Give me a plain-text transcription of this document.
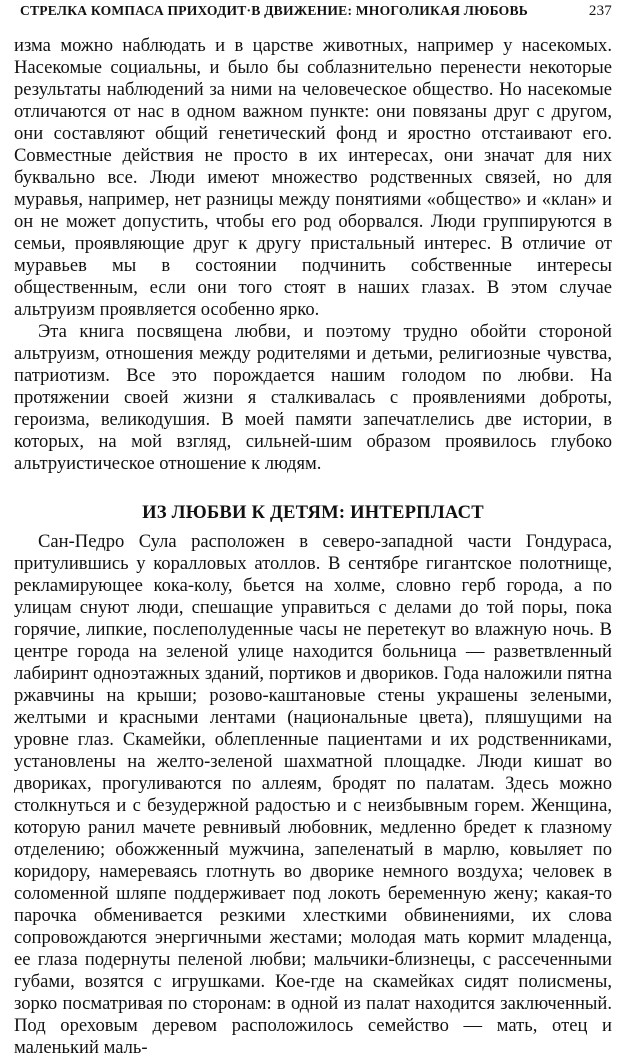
СТРЕЛКА КОМПАСА ПРИХОДИТ·В ДВИЖЕНИЕ: МНОГОЛИКАЯ ЛЮБОВЬ	237

изма можно наблюдать и в царстве животных, например у насекомых. Насекомые социальны, и было бы соблазнительно перенести некоторые результаты наблюдений за ними на человеческое общество. Но насекомые отличаются от нас в одном важном пункте: они повязаны друг с другом, они составляют общий генетический фонд и яростно отстаивают его. Совместные действия не просто в их интересах, они значат для них буквально все. Люди имеют множество родственных связей, но для муравья, например, нет разницы между понятиями «общество» и «клан» и он не может допустить, чтобы его род оборвался. Люди группируются в семьи, проявляющие друг к другу пристальный интерес. В отличие от муравьев мы в состоянии подчинить собственные интересы общественным, если они того стоят в наших глазах. В этом случае альтруизм проявляется особенно ярко.

Эта книга посвящена любви, и поэтому трудно обойти стороной альтруизм, отношения между родителями и детьми, религиозные чувства, патриотизм. Все это порождается нашим голодом по любви. На протяжении своей жизни я сталкивалась с проявлениями доброты, героизма, великодушия. В моей памяти запечатлелись две истории, в которых, на мой взгляд, сильней-шим образом проявилось глубоко альтруистическое отношение к людям.

ИЗ ЛЮБВИ К ДЕТЯМ: ИНТЕРПЛАСТ

Сан-Педро Сула расположен в северо-западной части Гондураса, притулившись у коралловых атоллов. В сентябре гигантское полотнище, рекламирующее кока-колу, бьется на холме, словно герб города, а по улицам снуют люди, спешащие управиться с делами до той поры, пока горячие, липкие, послеполуденные часы не перетекут во влажную ночь. В центре города на зеленой улице находится больница — разветвленный лабиринт одноэтажных зданий, портиков и двориков. Года наложили пятна ржавчины на крыши; розово-каштановые стены украшены зелеными, желтыми и красными лентами (национальные цвета), пляшущими на уровне глаз. Скамейки, облепленные пациентами и их родственниками, установлены на желто-зеленой шахматной площадке. Люди кишат во двориках, прогуливаются по аллеям, бродят по палатам. Здесь можно столкнуться и с безудержной радостью и с неизбывным горем. Женщина, которую ранил мачете ревнивый любовник, медленно бредет к глазному отделению; обожженный мужчина, запеленатый в марлю, ковыляет по коридору, намереваясь глотнуть во дворике немного воздуха; человек в соломенной шляпе поддерживает под локоть беременную жену; какая-то парочка обменивается резкими хлесткими обвинениями, их слова сопровождаются энергичными жестами; молодая мать кормит младенца, ее глаза подернуты пеленой любви; мальчики-близнецы, с рассеченными губами, возятся с игрушками. Кое-где на скамейках сидят полисмены, зорко посматривая по сторонам: в одной из палат находится заключенный. Под ореховым деревом расположилось семейство — мать, отец и маленький маль-
